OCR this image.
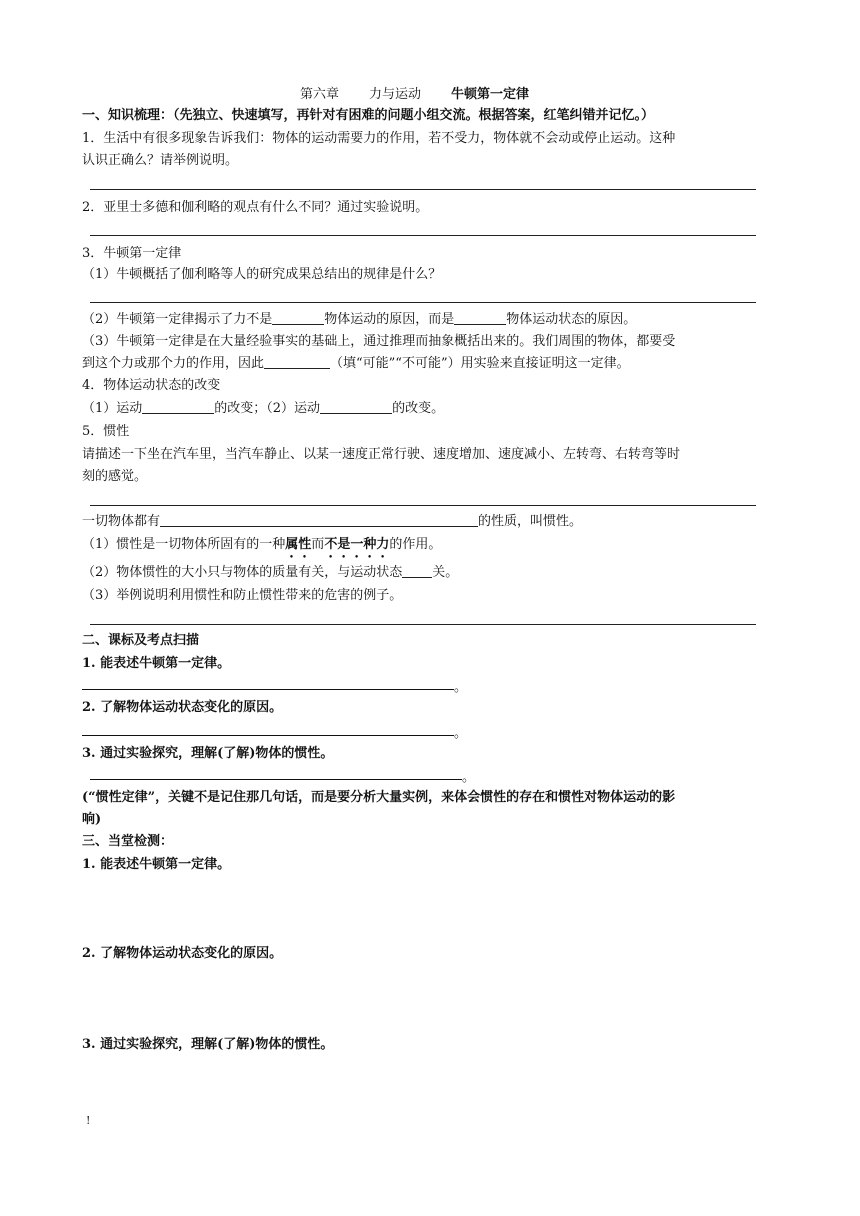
第六章 力与运动 牛顿第一定律
一、知识梳理：（先独立、快速填写，再针对有困难的问题小组交流。根据答案，红笔纠错并记忆。）
1．生活中有很多现象告诉我们：物体的运动需要力的作用，若不受力，物体就不会动或停止运动。这种
认识正确么？请举例说明。
2．亚里士多德和伽利略的观点有什么不同？通过实验说明。
3．牛顿第一定律
（1）牛顿概括了伽利略等人的研究成果总结出的规律是什么？
（2）牛顿第一定律揭示了力不是	物体运动的原因，而是	物体运动状态的原因。
（3）牛顿第一定律是在大量经验事实的基础上，通过推理而抽象概括出来的。我们周围的物体，都要受
到这个力或那个力的作用，因此	（填“可能”“不可能”）用实验来直接证明这一定律。
4．物体运动状态的改变
（1）运动	的改变；（2）运动	的改变。
5．惯性
请描述一下坐在汽车里，当汽车静止、以某一速度正常行驶、速度增加、速度减小、左转弯、右转弯等时
刻的感觉。
一切物体都有	的性质，叫惯性。
（1）惯性是一切物体所固有的一种属性而不是一种力的作用。
（2）物体惯性的大小只与物体的质量有关，与运动状态 关。
（3）举例说明利用惯性和防止惯性带来的危害的例子。
二、课标及考点扫描
1. 能表述牛顿第一定律。
。
2. 了解物体运动状态变化的原因。
。
3. 通过实验探究，理解(了解)物体的惯性。
。
(“惯性定律”，关键不是记住那几句话，而是要分析大量实例，来体会惯性的存在和惯性对物体运动的影
响)
三、当堂检测：
1. 能表述牛顿第一定律。
2. 了解物体运动状态变化的原因。
3. 通过实验探究，理解(了解)物体的惯性。
!
